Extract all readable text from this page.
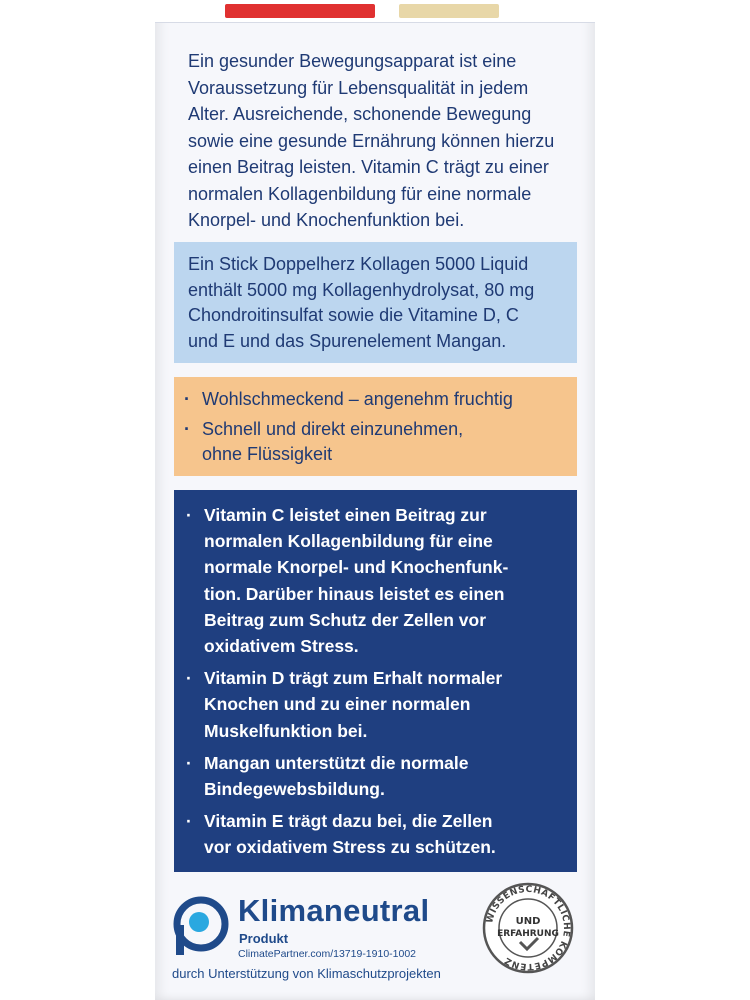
Ein gesunder Bewegungsapparat ist eine
Voraussetzung für Lebensqualität in jedem
Alter. Ausreichende, schonende Bewegung
sowie eine gesunde Ernährung können hierzu
einen Beitrag leisten. Vitamin C trägt zu einer
normalen Kollagenbildung für eine normale
Knorpel- und Knochenfunktion bei.
Ein Stick Doppelherz Kollagen 5000 Liquid
enthält 5000 mg Kollagenhydrolysat, 80 mg
Chondroitinsulfat sowie die Vitamine D, C
und E und das Spurenelement Mangan.
· Wohlschmeckend – angenehm fruchtig
· Schnell und direkt einzunehmen,
ohne Flüssigkeit
· Vitamin C leistet einen Beitrag zur
normalen Kollagenbildung für eine
normale Knorpel- und Knochenfunk-
tion. Darüber hinaus leistet es einen
Beitrag zum Schutz der Zellen vor
oxidativem Stress.
· Vitamin D trägt zum Erhalt normaler
Knochen und zu einer normalen
Muskelfunktion bei.
· Mangan unterstützt die normale
Bindegewebsbildung.
· Vitamin E trägt dazu bei, die Zellen
vor oxidativem Stress zu schützen.
Klimaneutral
Produkt
ClimatePartner.com/13719-1910-1002
durch Unterstützung von Klimaschutzprojekten
WISSENSCHAFTLICHE KOMPETENZ
UND
ERFAHRUNG
